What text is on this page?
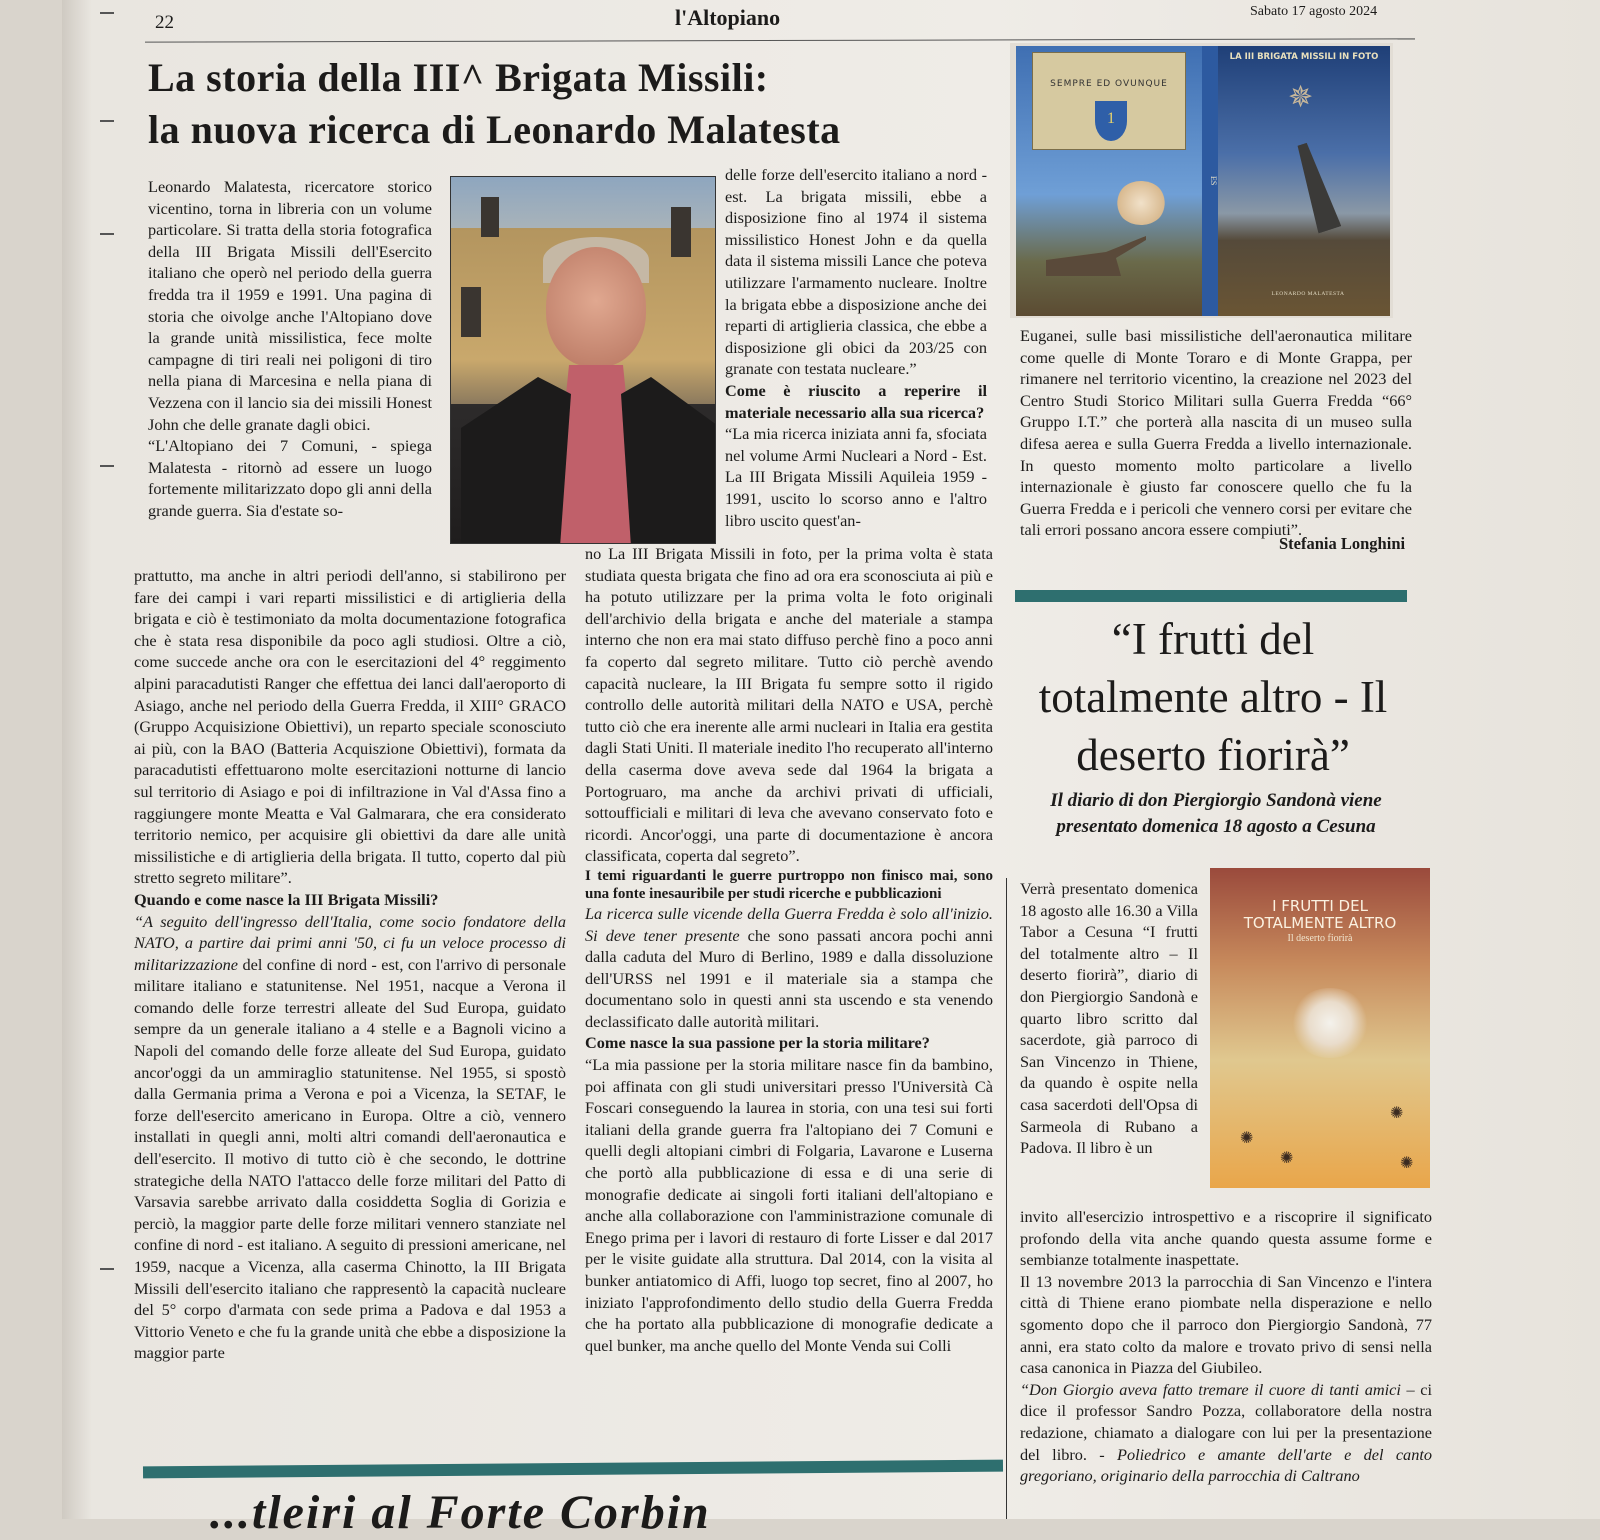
22	l'Altopiano	Sabato 17 agosto 2024
La storia della III^ Brigata Missili:
la nuova ricerca di Leonardo Malatesta

Leonardo Malatesta, ricercatore storico vicentino, torna in libreria con un volume particolare. Si tratta della storia fotografica della III Brigata Missili dell'Esercito italiano che operò nel periodo della guerra fredda tra il 1959 e 1991. Una pagina di storia che oivolge anche l'Altopiano dove la grande unità missilistica, fece molte campagne di tiri reali nei poligoni di tiro nella piana di Marcesina e nella piana di Vezzena con il lancio sia dei missili Honest John che delle granate dagli obici.

“L'Altopiano dei 7 Comuni, - spiega Malatesta - ritornò ad essere un luogo fortemente militarizzato dopo gli anni della grande guerra. Sia d'estate so-

prattutto, ma anche in altri periodi dell'anno, si stabilirono per fare dei campi i vari reparti missilistici e di artiglieria della brigata e ciò è testimoniato da molta documentazione fotografica che è stata resa disponibile da poco agli studiosi. Oltre a ciò, come succede anche ora con le esercitazioni del 4° reggimento alpini paracadutisti Ranger che effettua dei lanci dall'aeroporto di Asiago, anche nel periodo della Guerra Fredda, il XIII° GRACO (Gruppo Acquisizione Obiettivi), un reparto speciale sconosciuto ai più, con la BAO (Batteria Acquiszione Obiettivi), formata da paracadutisti effettuarono molte esercitazioni notturne di lancio sul territorio di Asiago e poi di infiltrazione in Val d'Assa fino a raggiungere monte Meatta e Val Galmarara, che era considerato territorio nemico, per acquisire gli obiettivi da dare alle unità missilistiche e di artiglieria della brigata. Il tutto, coperto dal più stretto segreto militare”.

Quando e come nasce la III Brigata Missili?

“A seguito dell'ingresso dell'Italia, come socio fondatore della NATO, a partire dai primi anni '50, ci fu un veloce processo di militarizzazione del confine di nord - est, con l'arrivo di personale militare italiano e statunitense. Nel 1951, nacque a Verona il comando delle forze terrestri alleate del Sud Europa, guidato sempre da un generale italiano a 4 stelle e a Bagnoli vicino a Napoli del comando delle forze alleate del Sud Europa, guidato ancor'oggi da un ammiraglio statunitense. Nel 1955, si spostò dalla Germania prima a Verona e poi a Vicenza, la SETAF, le forze dell'esercito americano in Europa. Oltre a ciò, vennero installati in quegli anni, molti altri comandi dell'aeronautica e dell'esercito. Il motivo di tutto ciò è che secondo, le dottrine strategiche della NATO l'attacco delle forze militari del Patto di Varsavia sarebbe arrivato dalla cosiddetta Soglia di Gorizia e perciò, la maggior parte delle forze militari vennero stanziate nel confine di nord - est italiano. A seguito di pressioni americane, nel 1959, nacque a Vicenza, alla caserma Chinotto, la III Brigata Missili dell'esercito italiano che rappresentò la capacità nucleare del 5° corpo d'armata con sede prima a Padova e dal 1953 a Vittorio Veneto e che fu la grande unità che ebbe a disposizione la maggior parte

delle forze dell'esercito italiano a nord - est. La brigata missili, ebbe a disposizione fino al 1974 il sistema missilistico Honest John e da quella data il sistema missili Lance che poteva utilizzare l'armamento nucleare. Inoltre la brigata ebbe a disposizione anche dei reparti di artiglieria classica, che ebbe a disposizione gli obici da 203/25 con granate con testata nucleare.”

Come è riuscito a reperire il materiale necessario alla sua ricerca?

“La mia ricerca iniziata anni fa, sfociata nel volume Armi Nucleari a Nord - Est. La III Brigata Missili Aquileia 1959 - 1991, uscito lo scorso anno e l'altro libro uscito quest'an-

no La III Brigata Missili in foto, per la prima volta è stata studiata questa brigata che fino ad ora era sconosciuta ai più e ha potuto utilizzare per la prima volta le foto originali dell'archivio della brigata e anche del materiale a stampa interno che non era mai stato diffuso perchè fino a poco anni fa coperto dal segreto militare. Tutto ciò perchè avendo capacità nucleare, la III Brigata fu sempre sotto il rigido controllo delle autorità militari della NATO e USA, perchè tutto ciò che era inerente alle armi nucleari in Italia era gestita dagli Stati Uniti. Il materiale inedito l'ho recuperato all'interno della caserma dove aveva sede dal 1964 la brigata a Portogruaro, ma anche da archivi privati di ufficiali, sottoufficiali e militari di leva che avevano conservato foto e ricordi. Ancor'oggi, una parte di documentazione è ancora classificata, coperta dal segreto”.

I temi riguardanti le guerre purtroppo non finisco mai, sono una fonte inesauribile per studi ricerche e pubblicazioni

La ricerca sulle vicende della Guerra Fredda è solo all'inizio. Si deve tener presente che sono passati ancora pochi anni dalla caduta del Muro di Berlino, 1989 e dalla dissoluzione dell'URSS nel 1991 e il materiale sia a stampa che documentano solo in questi anni sta uscendo e sta venendo declassificato dalle autorità militari.

Come nasce la sua passione per la storia militare?

“La mia passione per la storia militare nasce fin da bambino, poi affinata con gli studi universitari presso l'Università Cà Foscari conseguendo la laurea in storia, con una tesi sui forti italiani della grande guerra fra l'altopiano dei 7 Comuni e quelli degli altopiani cimbri di Folgaria, Lavarone e Luserna che portò alla pubblicazione di essa e di una serie di monografie dedicate ai singoli forti italiani dell'altopiano e anche alla collaborazione con l'amministrazione comunale di Enego prima per i lavori di restauro di forte Lisser e dal 2017 per le visite guidate alla struttura. Dal 2014, con la visita al bunker antiatomico di Affi, luogo top secret, fino al 2007, ho iniziato l'approfondimento dello studio della Guerra Fredda che ha portato alla pubblicazione di monografie dedicate a quel bunker, ma anche quello del Monte Venda sui Colli

SEMPRE ED OVUNQUE
1
ES
LA III BRIGATA MISSILI IN FOTO
✵
LEONARDO MALATESTA

Euganei, sulle basi missilistiche dell'aeronautica militare come quelle di Monte Toraro e di Monte Grappa, per rimanere nel territorio vicentino, la creazione nel 2023 del Centro Studi Storico Militari sulla Guerra Fredda “66° Gruppo I.T.” che porterà alla nascita di un museo sulla difesa aerea e sulla Guerra Fredda a livello internazionale. In questo momento molto particolare a livello internazionale è giusto far conoscere quello che fu la Guerra Fredda e i pericoli che vennero corsi per evitare che tali errori possano ancora essere compiuti”.

Stefania Longhini
“I frutti del totalmente altro - Il deserto fiorirà”
Il diario di don Piergiorgio Sandonà viene presentato domenica 18 agosto a Cesuna

Verrà presentato domenica 18 agosto alle 16.30 a Villa Tabor a Cesuna “I frutti del totalmente altro – Il deserto fiorirà”, diario di don Piergiorgio Sandonà e quarto libro scritto dal sacerdote, già parroco di San Vincenzo in Thiene, da quando è ospite nella casa sacerdoti dell'Opsa di Sarmeola di Rubano a Padova. Il libro è un

I FRUTTI DEL
TOTALMENTE ALTRO
Il deserto fiorirà
✺
✺
✺
✺

invito all'esercizio introspettivo e a riscoprire il significato profondo della vita anche quando questa assume forme e sembianze totalmente inaspettate.

Il 13 novembre 2013 la parrocchia di San Vincenzo e l'intera città di Thiene erano piombate nella disperazione e nello sgomento dopo che il parroco don Piergiorgio Sandonà, 77 anni, era stato colto da malore e trovato privo di sensi nella casa canonica in Piazza del Giubileo.

“Don Giorgio aveva fatto tremare il cuore di tanti amici – ci dice il professor Sandro Pozza, collaboratore della nostra redazione, chiamato a dialogare con lui per la presentazione del libro. - Poliedrico e amante dell'arte e del canto gregoriano, originario della parrocchia di Caltrano

...tleiri al Forte Corbin
